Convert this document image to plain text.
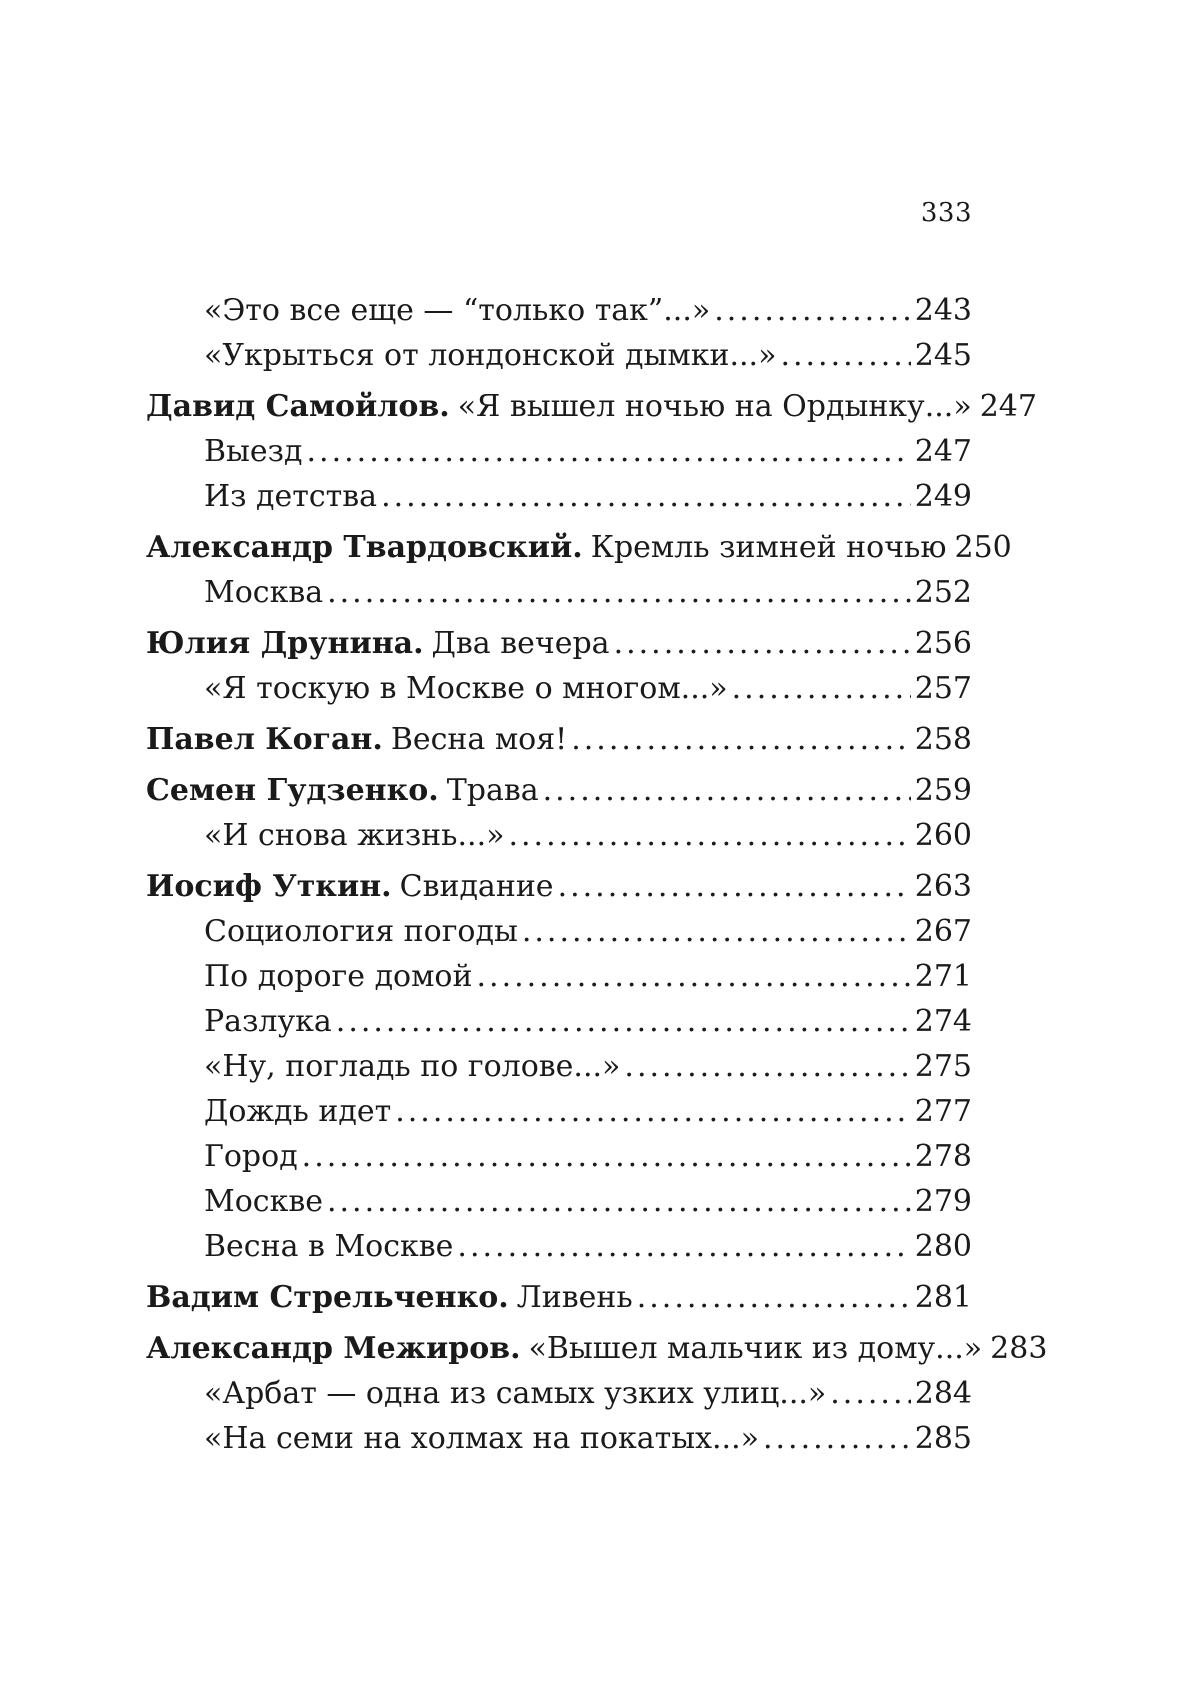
333
«Это все еще — “только так”...» .....	243
«Укрыться от лондонской дымки...» .....	245
Давид Самойлов. «Я вышел ночью на Ордынку...» 247
Выезд .....	247
Из детства .....	249
Александр Твардовский. Кремль зимней ночью 250
Москва .....	252
Юлия Друнина. Два вечера .....	256
«Я тоскую в Москве о многом...» .....	257
Павел Коган. Весна моя! .....	258
Семен Гудзенко. Трава .....	259
«И снова жизнь...» .....	260
Иосиф Уткин. Свидание .....	263
Социология погоды .....	267
По дороге домой .....	271
Разлука .....	274
«Ну, погладь по голове...» .....	275
Дождь идет .....	277
Город .....	278
Москве .....	279
Весна в Москве .....	280
Вадим Стрельченко. Ливень .....	281
Александр Межиров. «Вышел мальчик из дому...» 283
«Арбат — одна из самых узких улиц...» .....	284
«На семи на холмах на покатых...» .....	285
